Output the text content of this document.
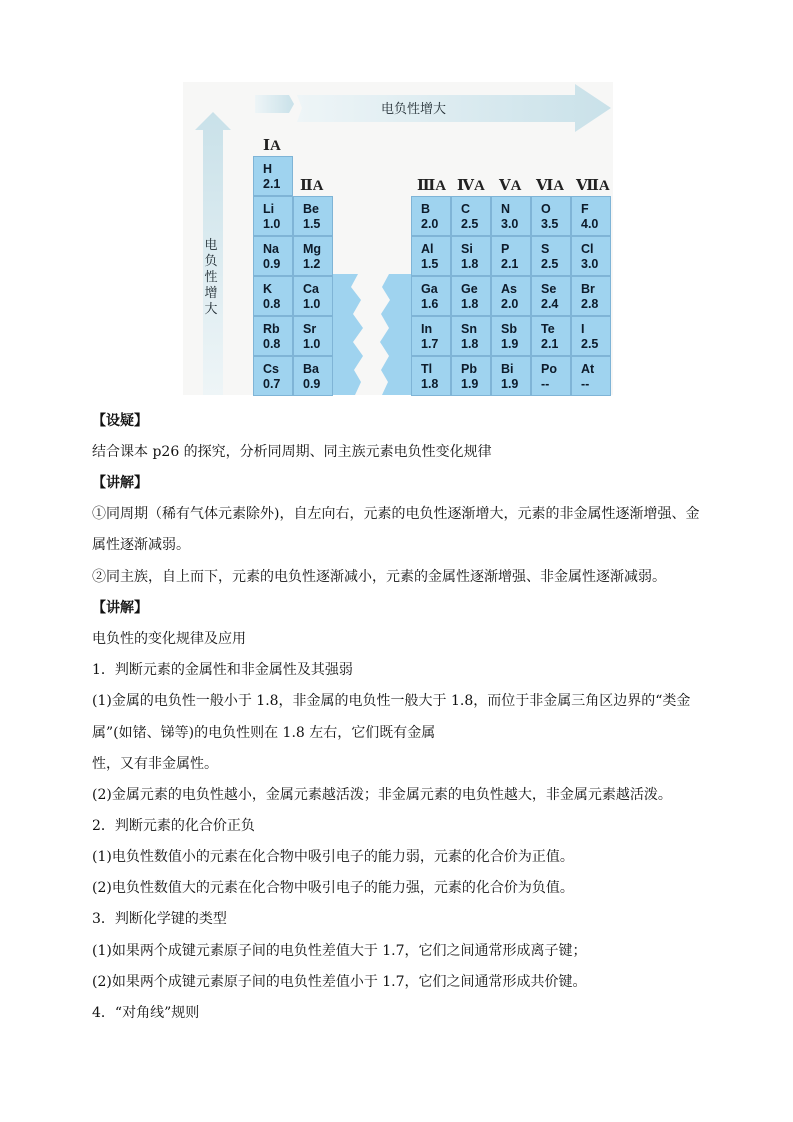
电负性增大
电负性增大
ⅠA
ⅡA	ⅢA ⅣA ⅤA ⅥA ⅦA
H
2.1
Li
1.0
Be
1.5
B
2.0
C
2.5
N
3.0
O
3.5
F
4.0
Na
0.9
Mg
1.2
Al
1.5
Si
1.8
P
2.1
S
2.5
Cl
3.0
K
0.8
Ca
1.0
Ga
1.6
Ge
1.8
As
2.0
Se
2.4
Br
2.8
Rb
0.8
Sr
1.0
In
1.7
Sn
1.8
Sb
1.9
Te
2.1
I
2.5
Cs
0.7
Ba
0.9
Tl
1.8
Pb
1.9
Bi
1.9
Po
--
At
--
【设疑】
结合课本 p26 的探究，分析同周期、同主族元素电负性变化规律
【讲解】
①同周期（稀有气体元素除外)，自左向右，元素的电负性逐渐增大，元素的非金属性逐渐增强、金
属性逐渐减弱。
②同主族，自上而下，元素的电负性逐渐减小，元素的金属性逐渐增强、非金属性逐渐减弱。
【讲解】
电负性的变化规律及应用
1．判断元素的金属性和非金属性及其强弱
(1)金属的电负性一般小于 1.8，非金属的电负性一般大于 1.8，而位于非金属三角区边界的“类金
属”(如锗、锑等)的电负性则在 1.8 左右，它们既有金属
性，又有非金属性。
(2)金属元素的电负性越小，金属元素越活泼；非金属元素的电负性越大，非金属元素越活泼。
2．判断元素的化合价正负
(1)电负性数值小的元素在化合物中吸引电子的能力弱，元素的化合价为正值。
(2)电负性数值大的元素在化合物中吸引电子的能力强，元素的化合价为负值。
3．判断化学键的类型
(1)如果两个成键元素原子间的电负性差值大于 1.7，它们之间通常形成离子键；
(2)如果两个成键元素原子间的电负性差值小于 1.7，它们之间通常形成共价键。
4．“对角线”规则
